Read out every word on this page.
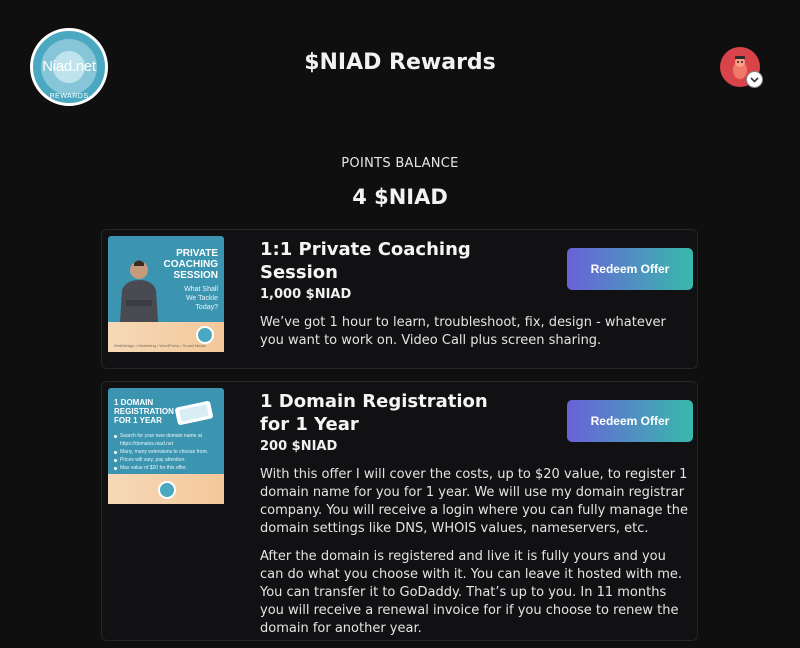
Niad.net
REWARDS
$NIAD Rewards
POINTS BALANCE
4 $NIAD
PRIVATE
COACHING
SESSION
What Shall
We Tackle
Today?
WebDesign • Marketing • WordPress • Social Media
1:1 Private Coaching Session
1,000 $NIAD

We’ve got 1 hour to learn, troubleshoot, fix, design - whatever you want to work on. Video Call plus screen sharing.

Redeem Offer
1 DOMAIN
REGISTRATION
FOR 1 YEAR
Search for your new domain name at https://domains.niad.net
Many, many extensions to choose from.
Prices will vary, pay attention.
Max value of $20 for this offer.
1 Domain Registration for 1 Year
200 $NIAD

With this offer I will cover the costs, up to $20 value, to register 1 domain name for you for 1 year. We will use my domain registrar company. You will receive a login where you can fully manage the domain settings like DNS, WHOIS values, nameservers, etc.

After the domain is registered and live it is fully yours and you can do what you choose with it. You can leave it hosted with me. You can transfer it to GoDaddy. That’s up to you. In 11 months you will receive a renewal invoice for if you choose to renew the domain for another year.

Redeem Offer
